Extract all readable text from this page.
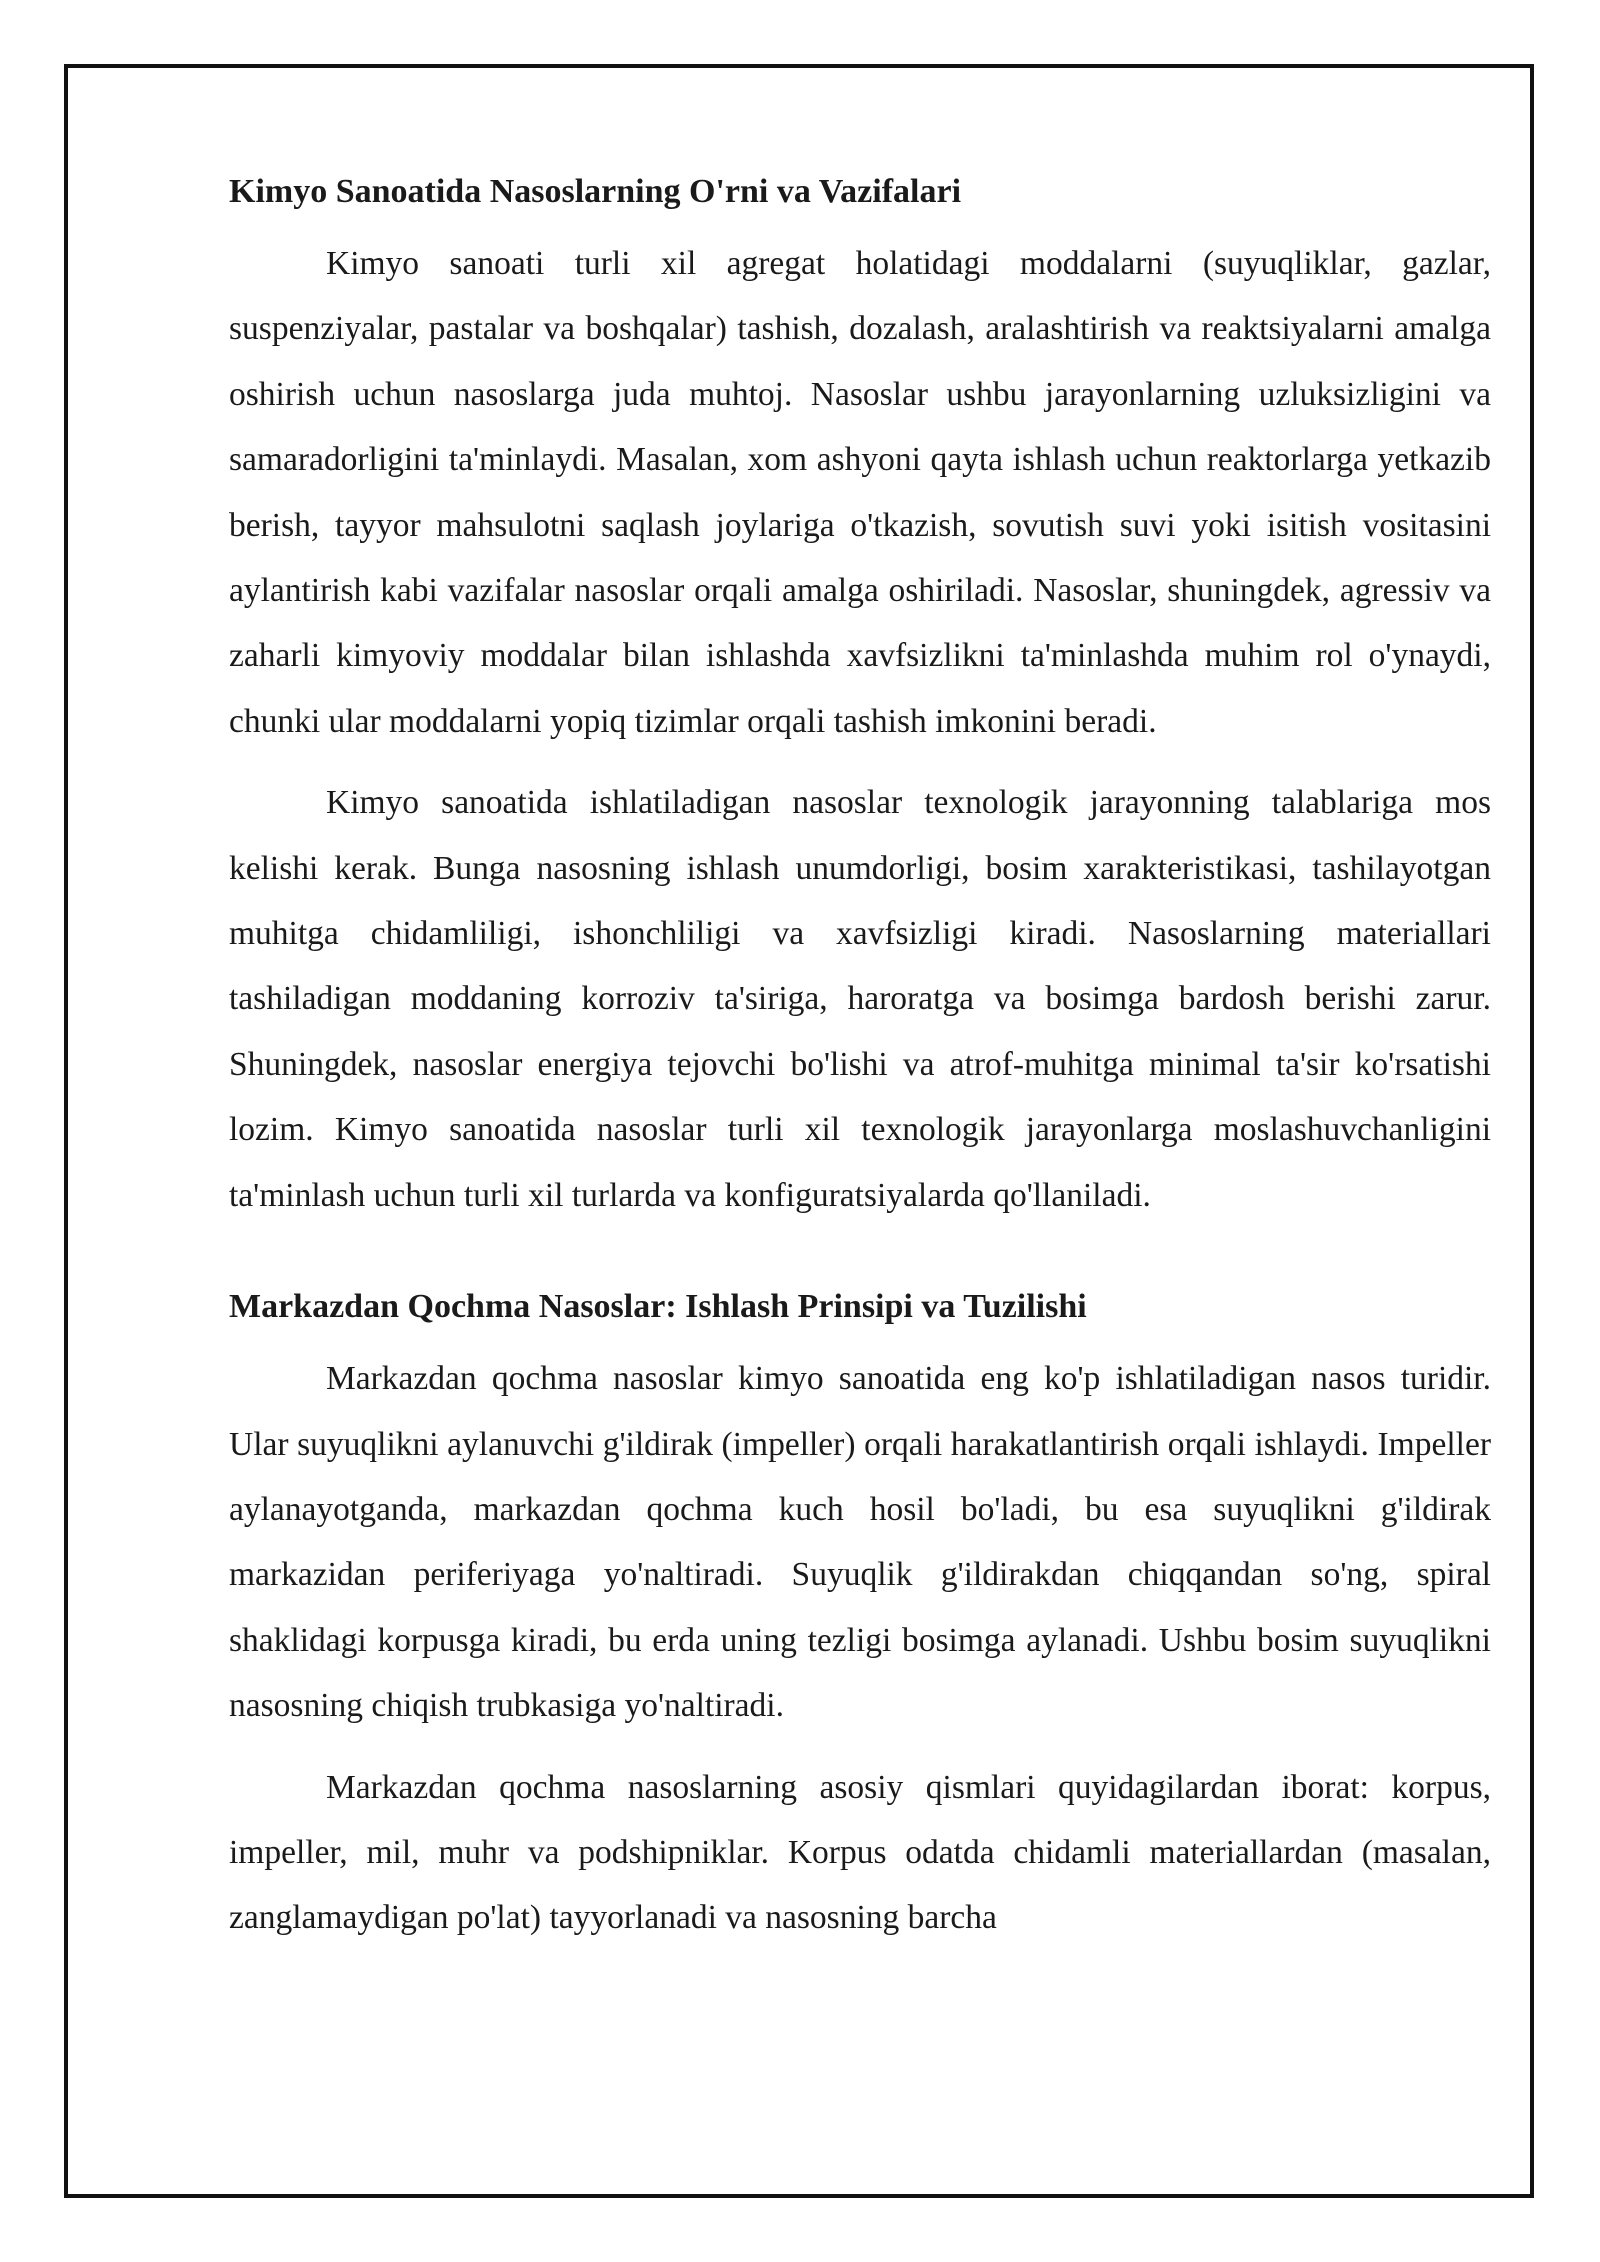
Kimyo Sanoatida Nasoslarning O'rni va Vazifalari

Kimyo sanoati turli xil agregat holatidagi moddalarni (suyuqliklar, gazlar, suspenziyalar, pastalar va boshqalar) tashish, dozalash, aralashtirish va reaktsiyalarni amalga oshirish uchun nasoslarga juda muhtoj. Nasoslar ushbu jarayonlarning uzluksizligini va samaradorligini ta'minlaydi. Masalan, xom ashyoni qayta ishlash uchun reaktorlarga yetkazib berish, tayyor mahsulotni saqlash joylariga o'tkazish, sovutish suvi yoki isitish vositasini aylantirish kabi vazifalar nasoslar orqali amalga oshiriladi. Nasoslar, shuningdek, agressiv va zaharli kimyoviy moddalar bilan ishlashda xavfsizlikni ta'minlashda muhim rol o'ynaydi, chunki ular moddalarni yopiq tizimlar orqali tashish imkonini beradi.

Kimyo sanoatida ishlatiladigan nasoslar texnologik jarayonning talablariga mos kelishi kerak. Bunga nasosning ishlash unumdorligi, bosim xarakteristikasi, tashilayotgan muhitga chidamliligi, ishonchliligi va xavfsizligi kiradi. Nasoslarning materiallari tashiladigan moddaning korroziv ta'siriga, haroratga va bosimga bardosh berishi zarur. Shuningdek, nasoslar energiya tejovchi bo'lishi va atrof-muhitga minimal ta'sir ko'rsatishi lozim. Kimyo sanoatida nasoslar turli xil texnologik jarayonlarga moslashuvchanligini ta'minlash uchun turli xil turlarda va konfiguratsiyalarda qo'llaniladi.

Markazdan Qochma Nasoslar: Ishlash Prinsipi va Tuzilishi

Markazdan qochma nasoslar kimyo sanoatida eng ko'p ishlatiladigan nasos turidir. Ular suyuqlikni aylanuvchi g'ildirak (impeller) orqali harakatlantirish orqali ishlaydi. Impeller aylanayotganda, markazdan qochma kuch hosil bo'ladi, bu esa suyuqlikni g'ildirak markazidan periferiyaga yo'naltiradi. Suyuqlik g'ildirakdan chiqqandan so'ng, spiral shaklidagi korpusga kiradi, bu erda uning tezligi bosimga aylanadi. Ushbu bosim suyuqlikni nasosning chiqish trubkasiga yo'naltiradi.

Markazdan qochma nasoslarning asosiy qismlari quyidagilardan iborat: korpus, impeller, mil, muhr va podshipniklar. Korpus odatda chidamli materiallardan (masalan, zanglamaydigan po'lat) tayyorlanadi va nasosning barcha
